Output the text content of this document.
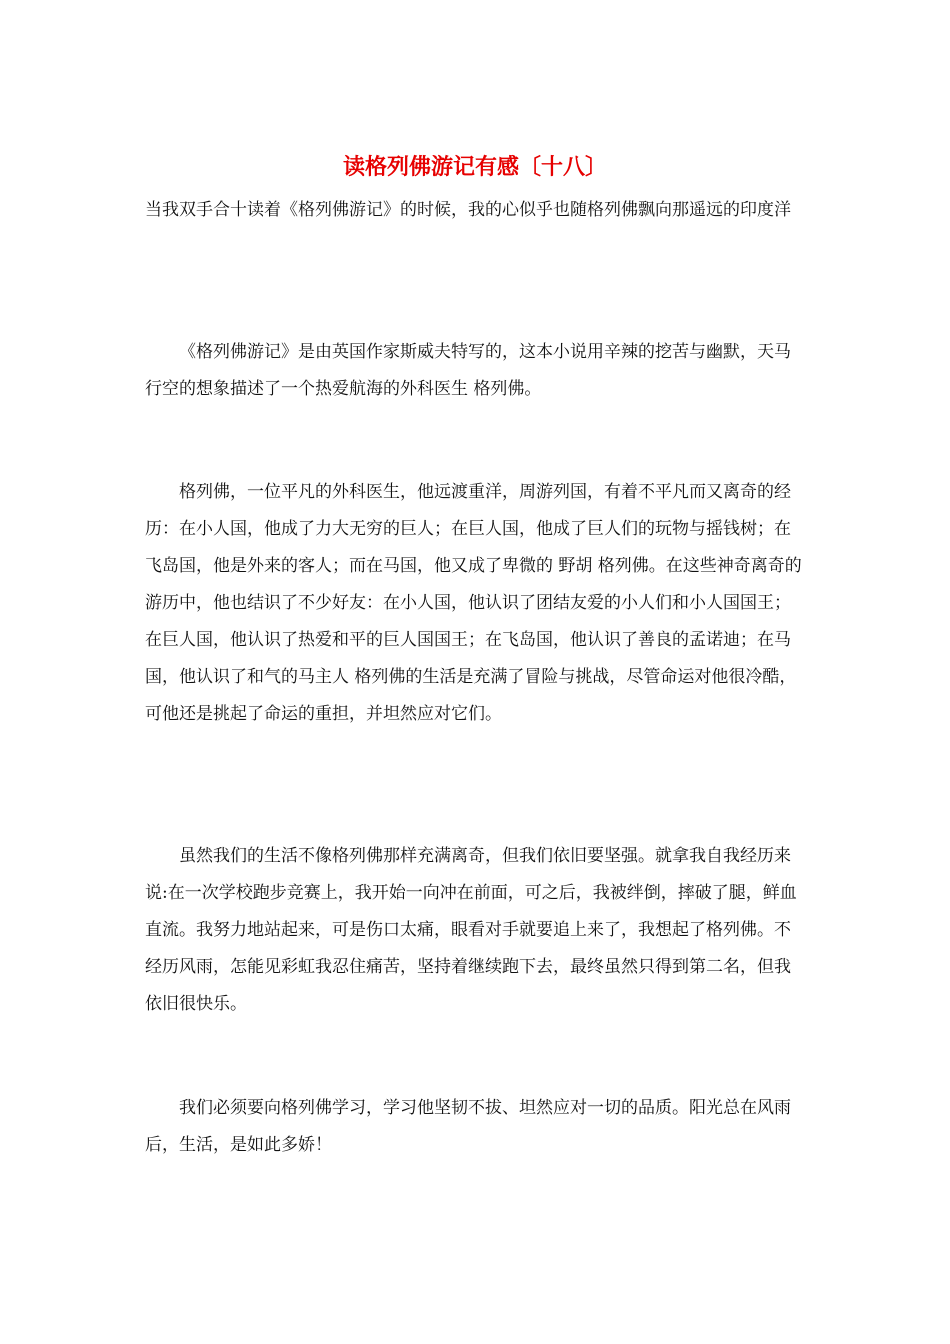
读格列佛游记有感〔十八〕

当我双手合十读着《格列佛游记》的时候，我的心似乎也随格列佛飘向那遥远的印度洋

《格列佛游记》是由英国作家斯威夫特写的，这本小说用辛辣的挖苦与幽默，天马行空的想象描述了一个热爱航海的外科医生 格列佛。

格列佛，一位平凡的外科医生，他远渡重洋，周游列国，有着不平凡而又离奇的经历：在小人国，他成了力大无穷的巨人；在巨人国，他成了巨人们的玩物与摇钱树；在飞岛国，他是外来的客人；而在马国，他又成了卑微的 野胡 格列佛。在这些神奇离奇的游历中，他也结识了不少好友：在小人国，他认识了团结友爱的小人们和小人国国王；在巨人国，他认识了热爱和平的巨人国国王；在飞岛国，他认识了善良的孟诺迪；在马国，他认识了和气的马主人 格列佛的生活是充满了冒险与挑战，尽管命运对他很冷酷，可他还是挑起了命运的重担，并坦然应对它们。

虽然我们的生活不像格列佛那样充满离奇，但我们依旧要坚强。就拿我自我经历来说:在一次学校跑步竞赛上，我开始一向冲在前面，可之后，我被绊倒，摔破了腿，鲜血直流。我努力地站起来，可是伤口太痛，眼看对手就要追上来了，我想起了格列佛。不经历风雨，怎能见彩虹我忍住痛苦，坚持着继续跑下去，最终虽然只得到第二名，但我依旧很快乐。

我们必须要向格列佛学习，学习他坚韧不拔、坦然应对一切的品质。阳光总在风雨后，生活，是如此多娇！
